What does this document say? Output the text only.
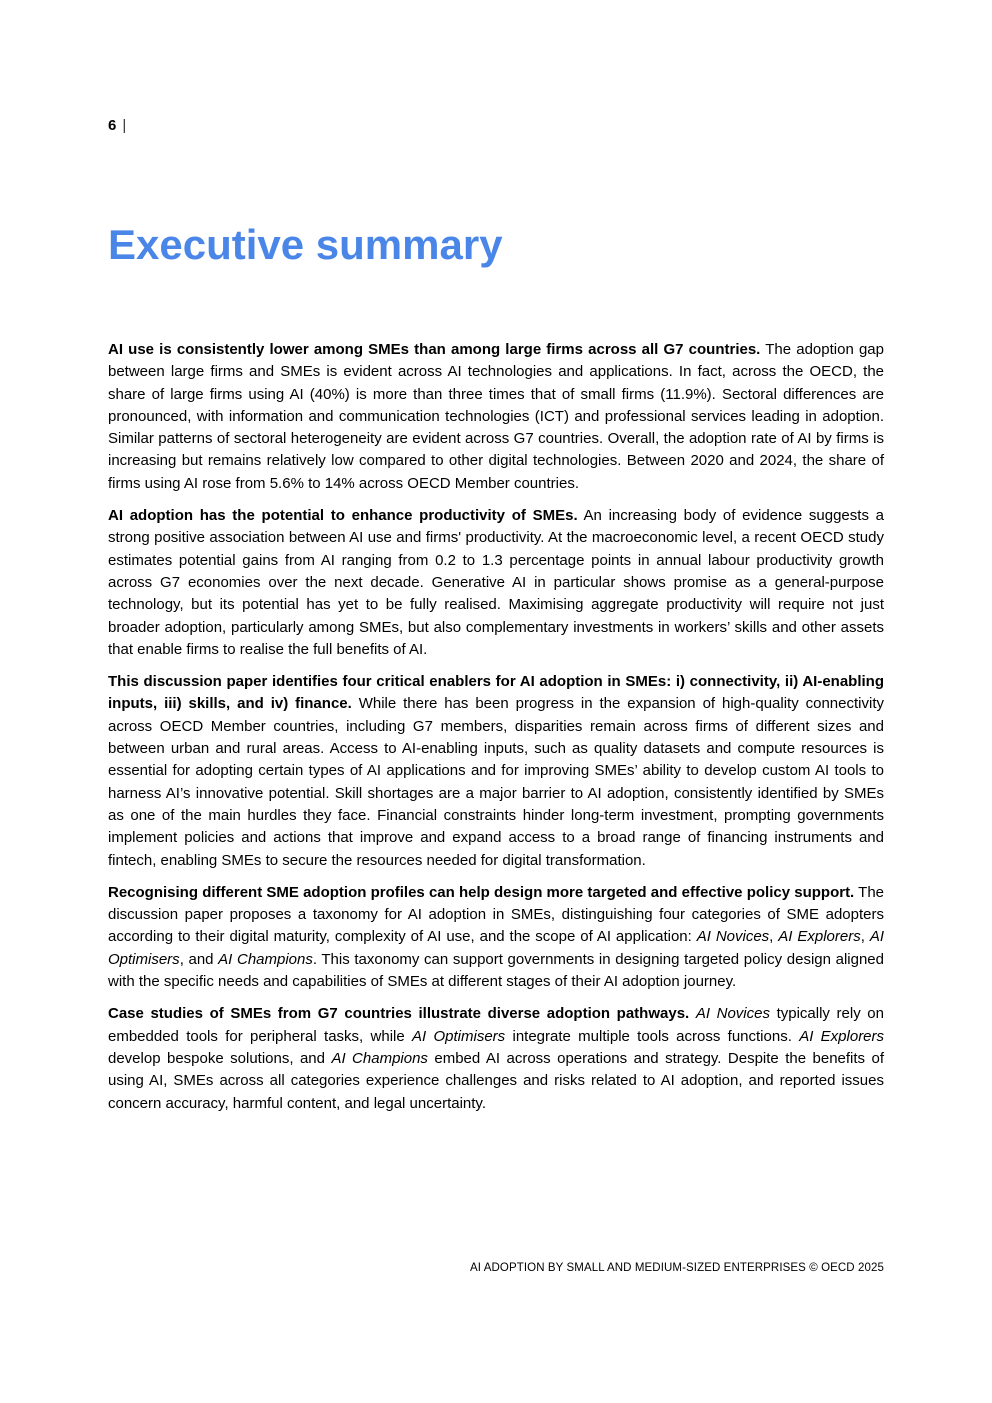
6 |
Executive summary

AI use is consistently lower among SMEs than among large firms across all G7 countries. The adoption gap between large firms and SMEs is evident across AI technologies and applications. In fact, across the OECD, the share of large firms using AI (40%) is more than three times that of small firms (11.9%). Sectoral differences are pronounced, with information and communication technologies (ICT) and professional services leading in adoption. Similar patterns of sectoral heterogeneity are evident across G7 countries. Overall, the adoption rate of AI by firms is increasing but remains relatively low compared to other digital technologies. Between 2020 and 2024, the share of firms using AI rose from 5.6% to 14% across OECD Member countries.

AI adoption has the potential to enhance productivity of SMEs. An increasing body of evidence suggests a strong positive association between AI use and firms' productivity. At the macroeconomic level, a recent OECD study estimates potential gains from AI ranging from 0.2 to 1.3 percentage points in annual labour productivity growth across G7 economies over the next decade. Generative AI in particular shows promise as a general-purpose technology, but its potential has yet to be fully realised. Maximising aggregate productivity will require not just broader adoption, particularly among SMEs, but also complementary investments in workers’ skills and other assets that enable firms to realise the full benefits of AI.

This discussion paper identifies four critical enablers for AI adoption in SMEs: i) connectivity, ii) AI-enabling inputs, iii) skills, and iv) finance. While there has been progress in the expansion of high-quality connectivity across OECD Member countries, including G7 members, disparities remain across firms of different sizes and between urban and rural areas. Access to AI-enabling inputs, such as quality datasets and compute resources is essential for adopting certain types of AI applications and for improving SMEs’ ability to develop custom AI tools to harness AI’s innovative potential. Skill shortages are a major barrier to AI adoption, consistently identified by SMEs as one of the main hurdles they face. Financial constraints hinder long-term investment, prompting governments implement policies and actions that improve and expand access to a broad range of financing instruments and fintech, enabling SMEs to secure the resources needed for digital transformation.

Recognising different SME adoption profiles can help design more targeted and effective policy support. The discussion paper proposes a taxonomy for AI adoption in SMEs, distinguishing four categories of SME adopters according to their digital maturity, complexity of AI use, and the scope of AI application: AI Novices, AI Explorers, AI Optimisers, and AI Champions. This taxonomy can support governments in designing targeted policy design aligned with the specific needs and capabilities of SMEs at different stages of their AI adoption journey.

Case studies of SMEs from G7 countries illustrate diverse adoption pathways. AI Novices typically rely on embedded tools for peripheral tasks, while AI Optimisers integrate multiple tools across functions. AI Explorers develop bespoke solutions, and AI Champions embed AI across operations and strategy. Despite the benefits of using AI, SMEs across all categories experience challenges and risks related to AI adoption, and reported issues concern accuracy, harmful content, and legal uncertainty.

AI ADOPTION BY SMALL AND MEDIUM-SIZED ENTERPRISES © OECD 2025
